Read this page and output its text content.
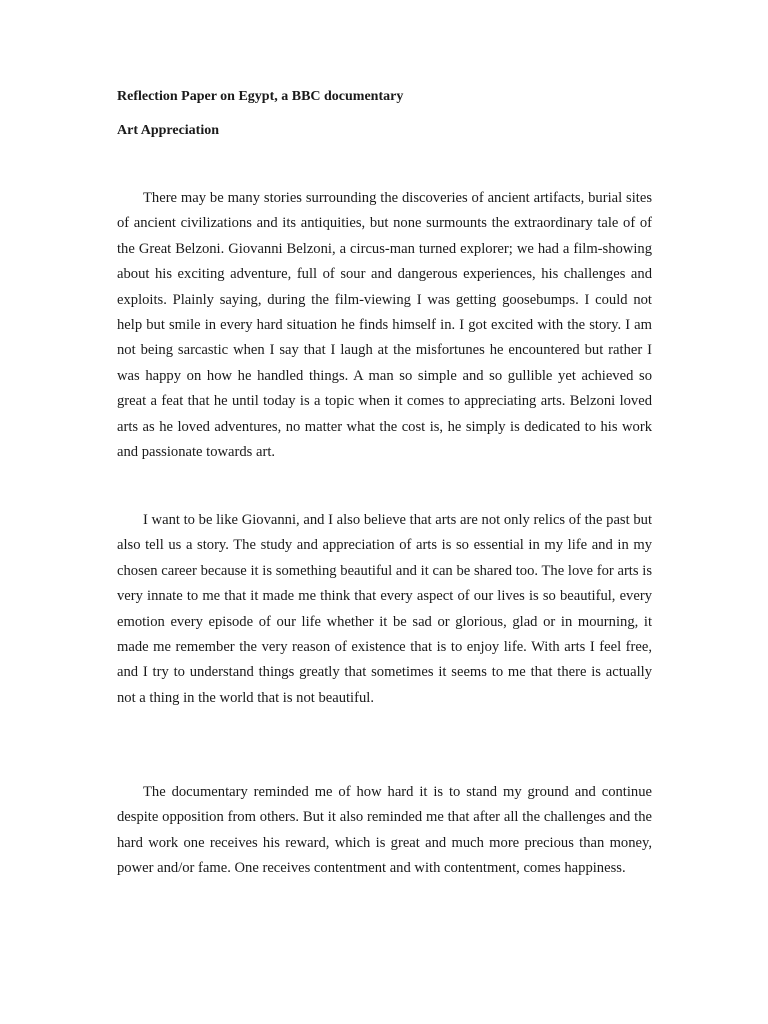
Reflection Paper on Egypt, a BBC documentary

Art Appreciation

There may be many stories surrounding the discoveries of ancient artifacts, burial sites of ancient civilizations and its antiquities, but none surmounts the extraordinary tale of of the Great Belzoni. Giovanni Belzoni, a circus-man turned explorer; we had a film-showing about his exciting adventure, full of sour and dangerous experiences, his challenges and exploits. Plainly saying, during the film-viewing I was getting goosebumps. I could not help but smile in every hard situation he finds himself in. I got excited with the story. I am not being sarcastic when I say that I laugh at the misfortunes he encountered but rather I was happy on how he handled things. A man so simple and so gullible yet achieved so great a feat that he until today is a topic when it comes to appreciating arts. Belzoni loved arts as he loved adventures, no matter what the cost is, he simply is dedicated to his work and passionate towards art.

I want to be like Giovanni, and I also believe that arts are not only relics of the past but also tell us a story. The study and appreciation of arts is so essential in my life and in my chosen career because it is something beautiful and it can be shared too. The love for arts is very innate to me that it made me think that every aspect of our lives is so beautiful, every emotion every episode of our life whether it be sad or glorious, glad or in mourning, it made me remember the very reason of existence that is to enjoy life. With arts I feel free, and I try to understand things greatly that sometimes it seems to me that there is actually not a thing in the world that is not beautiful.

The documentary reminded me of how hard it is to stand my ground and continue despite opposition from others. But it also reminded me that after all the challenges and the hard work one receives his reward, which is great and much more precious than money, power and/or fame. One receives contentment and with contentment, comes happiness.
